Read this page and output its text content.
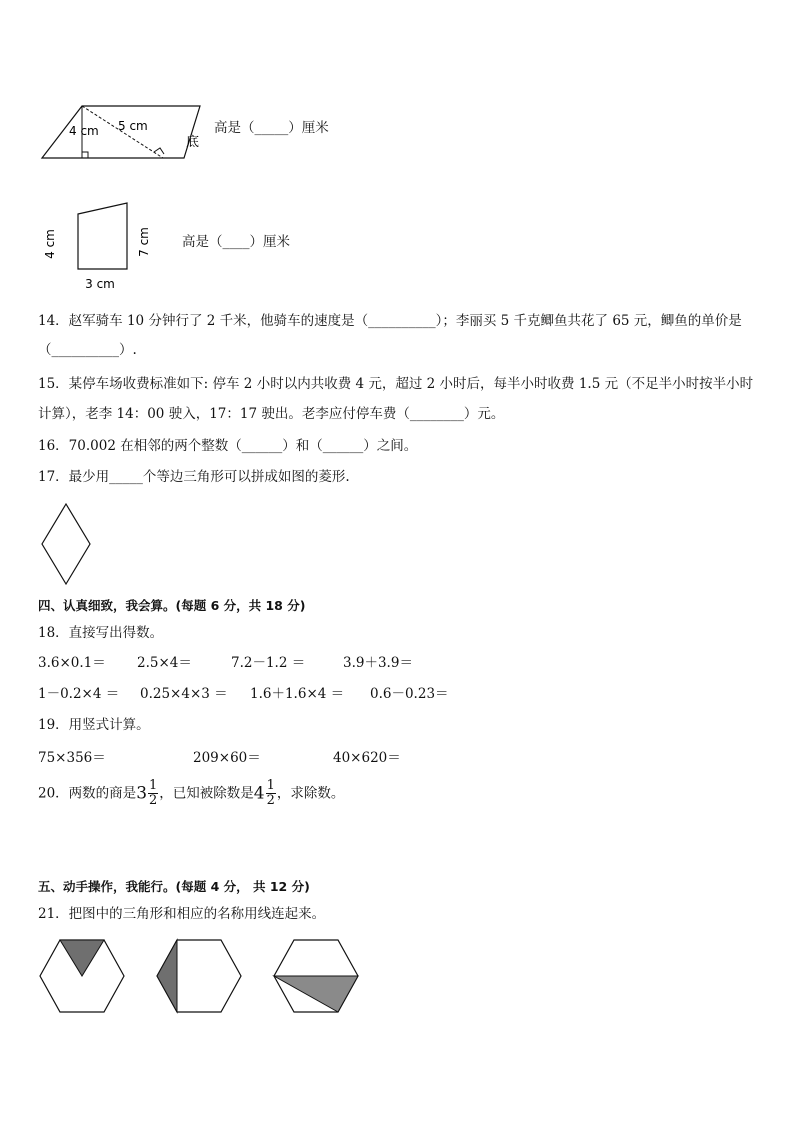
4 cm 5 cm
底
高是（_____）厘米
4 cm	7 cm
3 cm
高是（____）厘米
14．赵军骑车 10 分钟行了 2 千米，他骑车的速度是（__________）；李丽买 5 千克鲫鱼共花了 65 元，鲫鱼的单价是
（__________）.
15．某停车场收费标准如下: 停车 2 小时以内共收费 4 元，超过 2 小时后，每半小时收费 1.5 元（不足半小时按半小时
计算），老李 14：00 驶入，17：17 驶出。老李应付停车费（________）元。
16．70.002 在相邻的两个整数（______）和（______）之间。
17．最少用_____个等边三角形可以拼成如图的菱形.
四、认真细致，我会算。(每题 6 分，共 18 分)
18．直接写出得数。
3.6×0.1＝ 2.5×4＝	7.2－1.2 ＝	3.9＋3.9＝
1－0.2×4 ＝ 0.25×4×3 ＝ 1.6＋1.6×4 ＝ 0.6－0.23＝
19．用竖式计算。
75×356＝	209×60＝	40×620＝
20．两数的商是$3 \frac{1}{2}$ ，已知被除数是$4 \frac{1}{2}$ ，求除数。
五、动手操作，我能行。(每题 4 分， 共 12 分)
21．把图中的三角形和相应的名称用线连起来。
